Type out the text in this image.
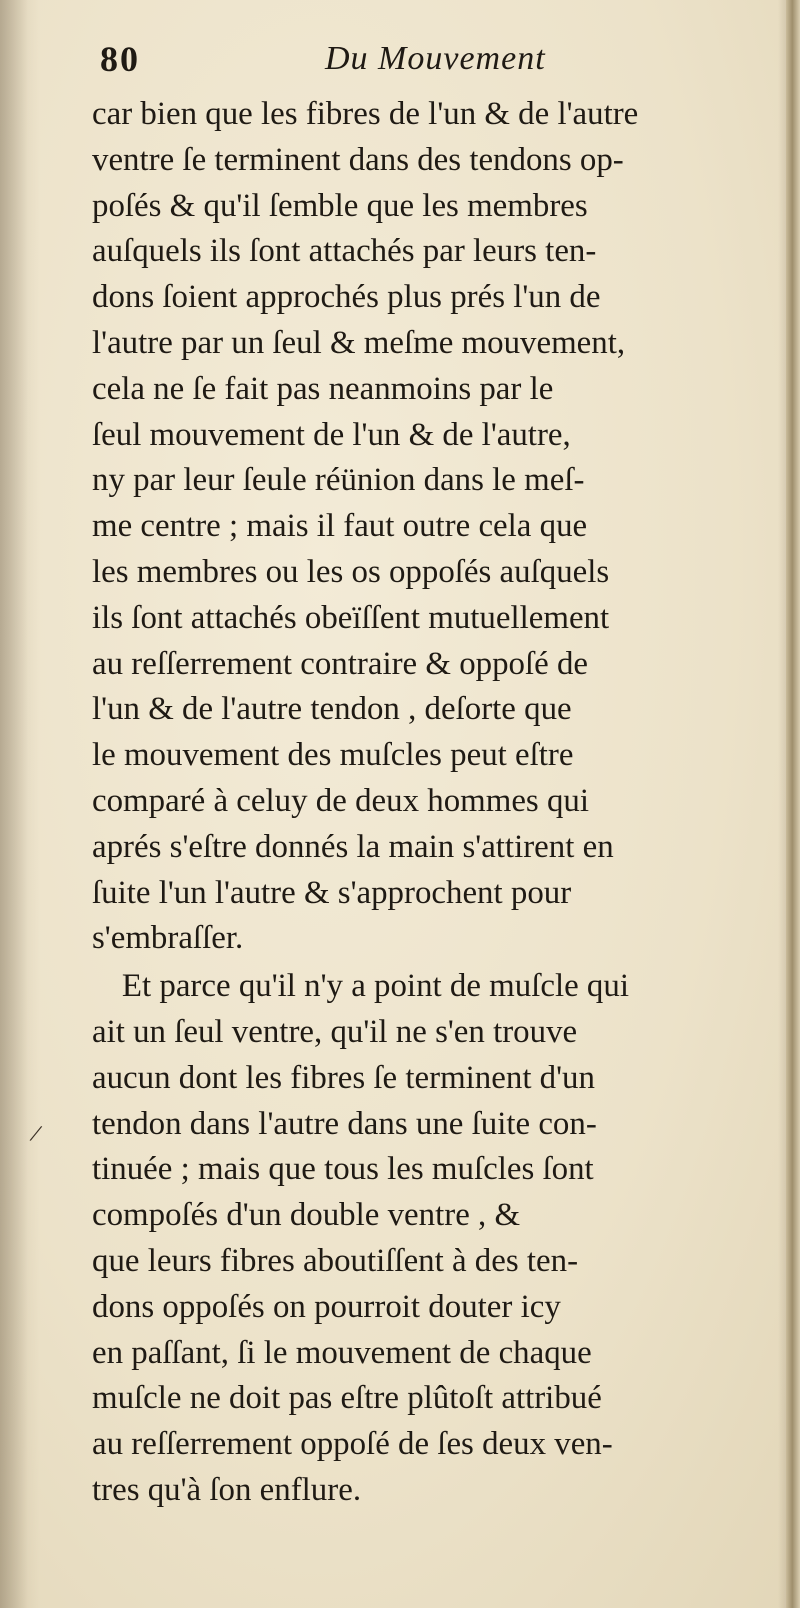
80	Du Mouvement
/
car bien que les fibres de l'un & de l'autre
ventre ſe terminent dans des tendons op-
poſés & qu'il ſemble que les membres
auſquels ils ſont attachés par leurs ten-
dons ſoient approchés plus prés l'un de
l'autre par un ſeul & meſme mouvement,
cela ne ſe fait pas neanmoins par le
ſeul mouvement de l'un & de l'autre,
ny par leur ſeule réünion dans le meſ-
me centre ; mais il faut outre cela que
les membres ou les os oppoſés auſquels
ils ſont attachés obeïſſent mutuellement
au reſſerrement contraire & oppoſé de
l'un & de l'autre tendon , deſorte que
le mouvement des muſcles peut eſtre
comparé à celuy de deux hommes qui
aprés s'eſtre donnés la main s'attirent en
ſuite l'un l'autre & s'approchent pour
s'embraſſer.
Et parce qu'il n'y a point de muſcle qui
ait un ſeul ventre, qu'il ne s'en trouve
aucun dont les fibres ſe terminent d'un
tendon dans l'autre dans une ſuite con-
tinuée ; mais que tous les muſcles ſont
compoſés d'un double ventre , &
que leurs fibres aboutiſſent à des ten-
dons oppoſés on pourroit douter icy
en paſſant, ſi le mouvement de chaque
muſcle ne doit pas eſtre plûtoſt attribué
au reſſerrement oppoſé de ſes deux ven-
tres qu'à ſon enflure.
